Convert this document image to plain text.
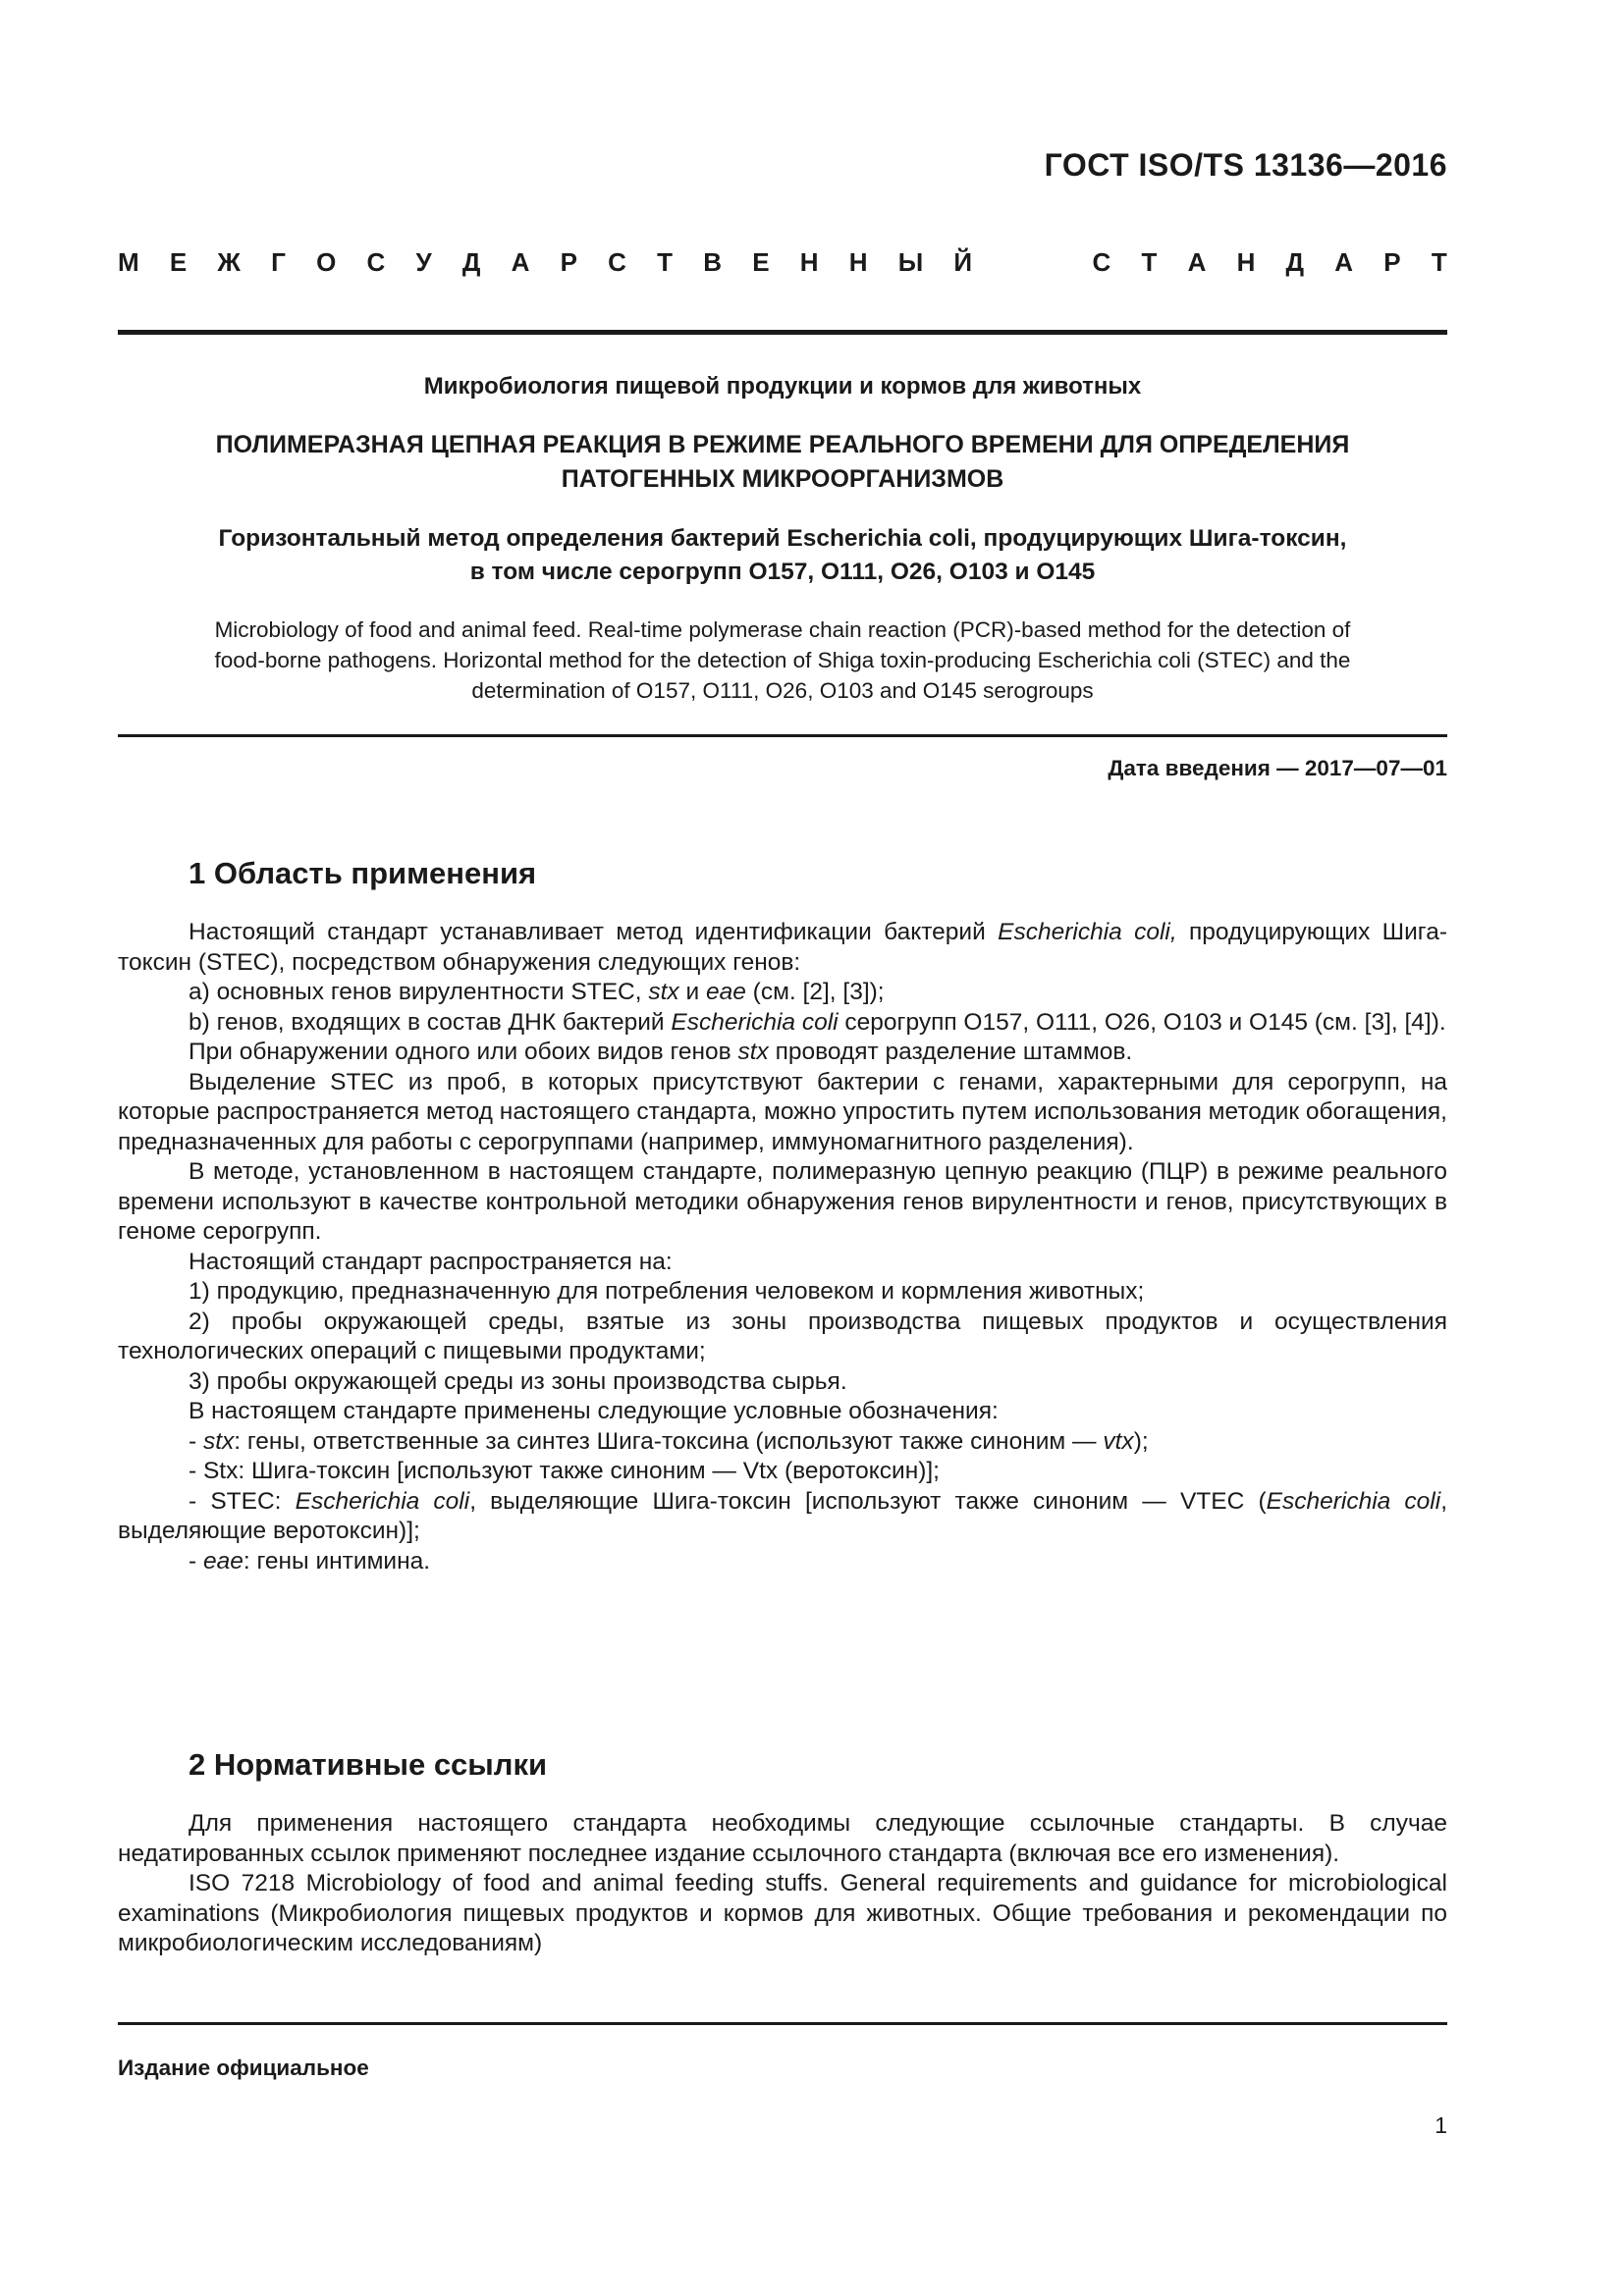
ГОСТ ISO/TS 13136—2016
М Е Ж Г О С У Д А Р С Т В Е Н Н Ы Й	С Т А Н Д А Р Т
Микробиология пищевой продукции и кормов для животных
ПОЛИМЕРАЗНАЯ ЦЕПНАЯ РЕАКЦИЯ В РЕЖИМЕ РЕАЛЬНОГО ВРЕМЕНИ ДЛЯ ОПРЕДЕЛЕНИЯ
ПАТОГЕННЫХ МИКРООРГАНИЗМОВ
Горизонтальный метод определения бактерий Escherichia coli, продуцирующих Шига-токсин,
в том числе серогрупп О157, О111, О26, О103 и О145
Microbiology of food and animal feed. Real-time polymerase chain reaction (PCR)-based method for the detection of
food-borne pathogens. Horizontal method for the detection of Shiga toxin-producing Escherichia coli (STEC) and the
determination of O157, O111, O26, O103 and O145 serogroups
Дата введения — 2017—07—01
1 Область применения

Настоящий стандарт устанавливает метод идентификации бактерий Escherichia coli, продуцирующих Шига-токсин (STEC), посредством обнаружения следующих генов:

а) основных генов вирулентности STEC, stx и eae (см. [2], [3]);

b) генов, входящих в состав ДНК бактерий Escherichia coli серогрупп О157, О111, О26, О103 и О145 (см. [3], [4]).

При обнаружении одного или обоих видов генов stx проводят разделение штаммов.

Выделение STEC из проб, в которых присутствуют бактерии с генами, характерными для серогрупп, на которые распространяется метод настоящего стандарта, можно упростить путем использования методик обогащения, предназначенных для работы с серогруппами (например, иммуномагнитного разделения).

В методе, установленном в настоящем стандарте, полимеразную цепную реакцию (ПЦР) в режиме реального времени используют в качестве контрольной методики обнаружения генов вирулентности и генов, присутствующих в геноме серогрупп.

Настоящий стандарт распространяется на:

1) продукцию, предназначенную для потребления человеком и кормления животных;

2) пробы окружающей среды, взятые из зоны производства пищевых продуктов и осуществления технологических операций с пищевыми продуктами;

3) пробы окружающей среды из зоны производства сырья.

В настоящем стандарте применены следующие условные обозначения:

- stx: гены, ответственные за синтез Шига-токсина (используют также синоним — vtx);

- Stx: Шига-токсин [используют также синоним — Vtx (веротоксин)];

- STEC: Escherichia coli, выделяющие Шига-токсин [используют также синоним — VTEC (Escherichia coli, выделяющие веротоксин)];

- eae: гены интимина.

2 Нормативные ссылки

Для применения настоящего стандарта необходимы следующие ссылочные стандарты. В случае недатированных ссылок применяют последнее издание ссылочного стандарта (включая все его изменения).

ISO 7218 Microbiology of food and animal feeding stuffs. General requirements and guidance for microbiological examinations (Микробиология пищевых продуктов и кормов для животных. Общие требования и рекомендации по микробиологическим исследованиям)

Издание официальное
1
